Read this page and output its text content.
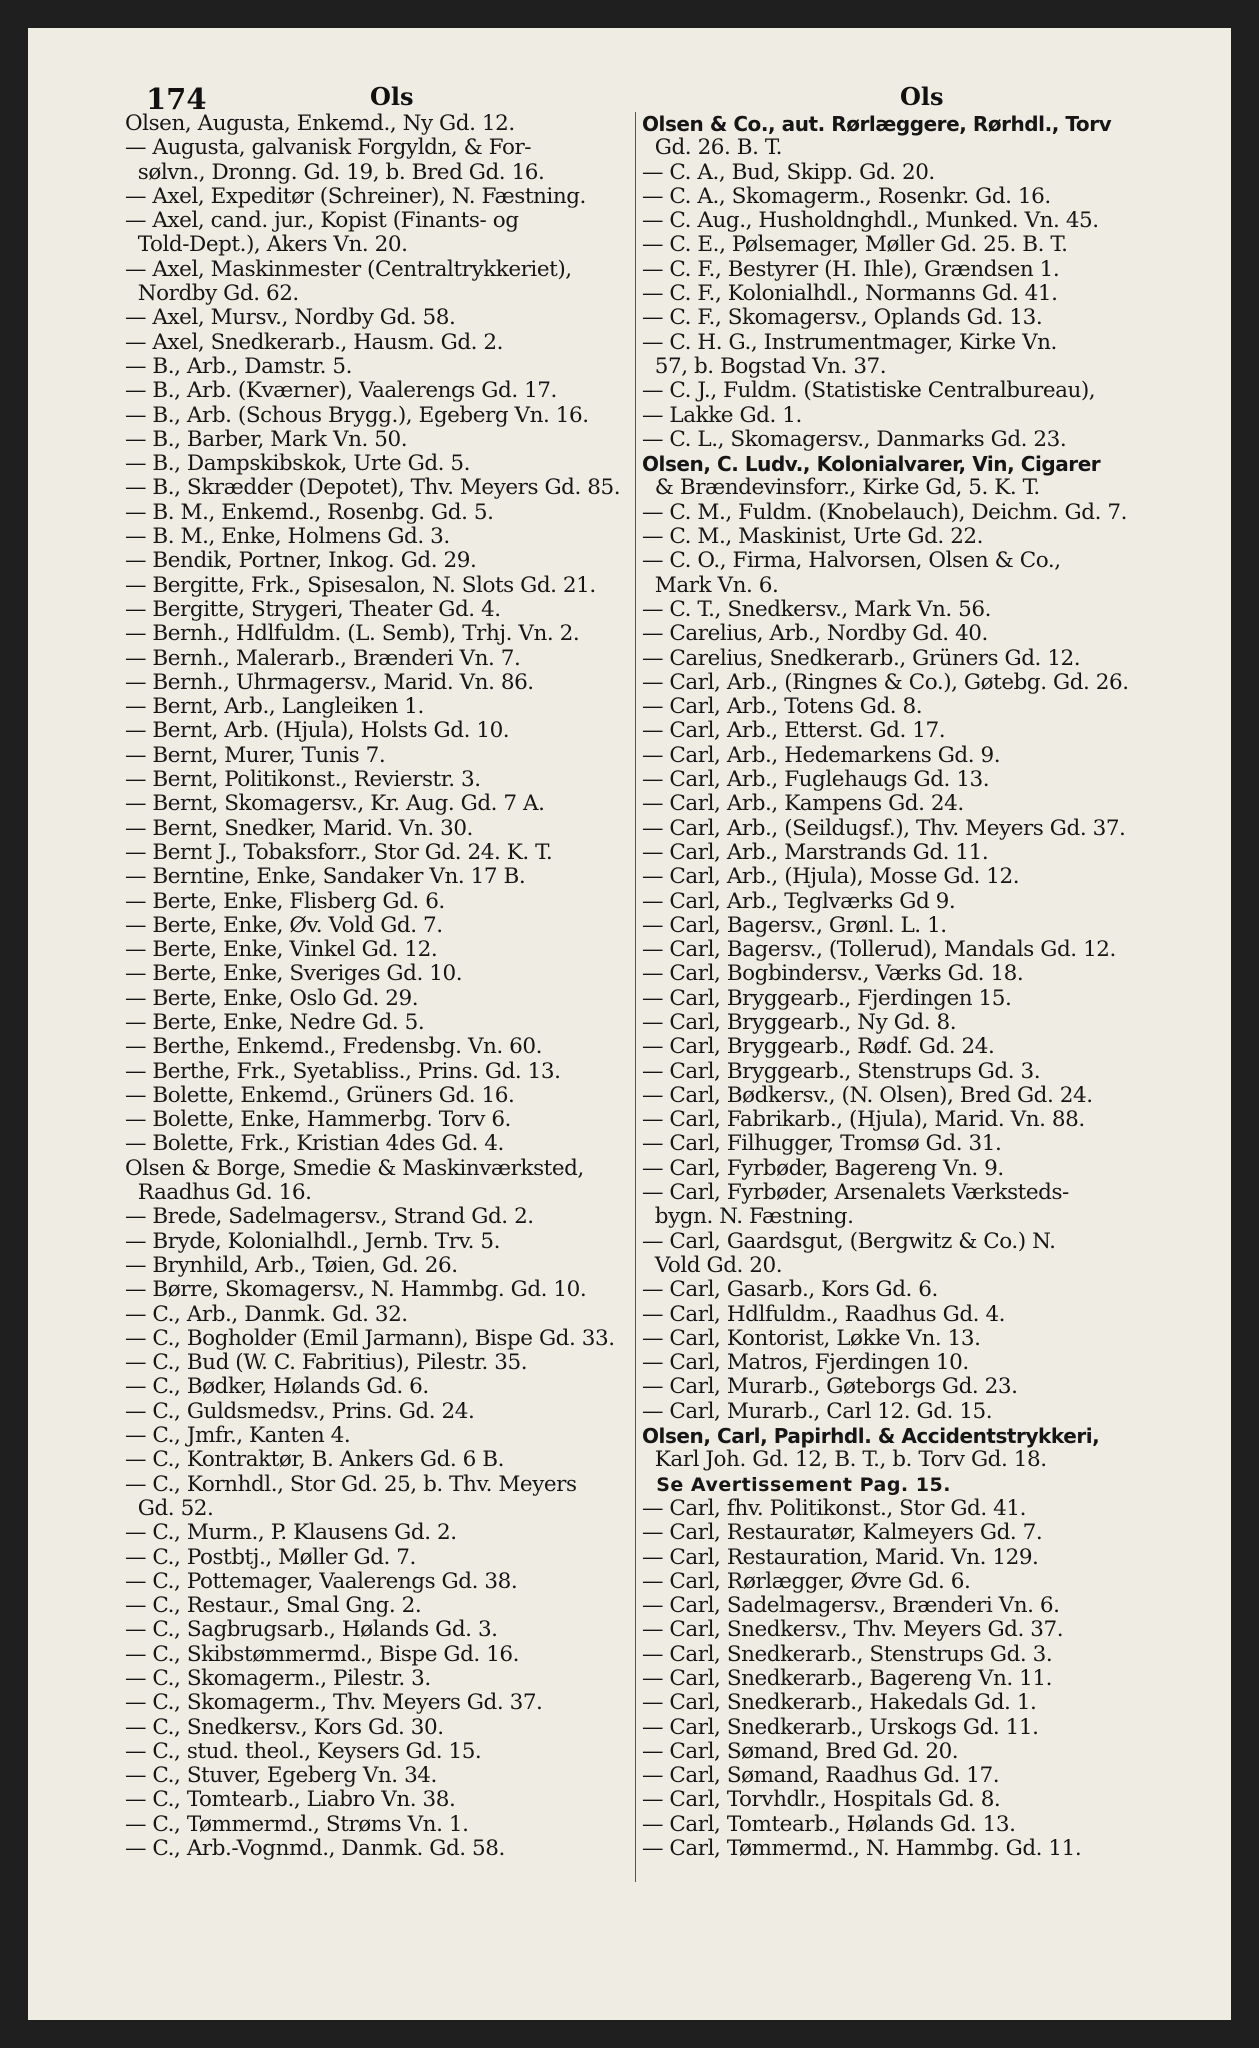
174	Ols	Ols
Olsen, Augusta, Enkemd., Ny Gd. 12.
— Augusta, galvanisk Forgyldn, & For-
sølvn., Dronng. Gd. 19, b. Bred Gd. 16.
— Axel, Expeditør (Schreiner), N. Fæstning.
— Axel, cand. jur., Kopist (Finants- og
Told-Dept.), Akers Vn. 20.
— Axel, Maskinmester (Centraltrykkeriet),
Nordby Gd. 62.
— Axel, Mursv., Nordby Gd. 58.
— Axel, Snedkerarb., Hausm. Gd. 2.
— B., Arb., Damstr. 5.
— B., Arb. (Kværner), Vaalerengs Gd. 17.
— B., Arb. (Schous Brygg.), Egeberg Vn. 16.
— B., Barber, Mark Vn. 50.
— B., Dampskibskok, Urte Gd. 5.
— B., Skrædder (Depotet), Thv. Meyers Gd. 85.
— B. M., Enkemd., Rosenbg. Gd. 5.
— B. M., Enke, Holmens Gd. 3.
— Bendik, Portner, Inkog. Gd. 29.
— Bergitte, Frk., Spisesalon, N. Slots Gd. 21.
— Bergitte, Strygeri, Theater Gd. 4.
— Bernh., Hdlfuldm. (L. Semb), Trhj. Vn. 2.
— Bernh., Malerarb., Brænderi Vn. 7.
— Bernh., Uhrmagersv., Marid. Vn. 86.
— Bernt, Arb., Langleiken 1.
— Bernt, Arb. (Hjula), Holsts Gd. 10.
— Bernt, Murer, Tunis 7.
— Bernt, Politikonst., Revierstr. 3.
— Bernt, Skomagersv., Kr. Aug. Gd. 7 A.
— Bernt, Snedker, Marid. Vn. 30.
— Bernt J., Tobaksforr., Stor Gd. 24. K. T.
— Berntine, Enke, Sandaker Vn. 17 B.
— Berte, Enke, Flisberg Gd. 6.
— Berte, Enke, Øv. Vold Gd. 7.
— Berte, Enke, Vinkel Gd. 12.
— Berte, Enke, Sveriges Gd. 10.
— Berte, Enke, Oslo Gd. 29.
— Berte, Enke, Nedre Gd. 5.
— Berthe, Enkemd., Fredensbg. Vn. 60.
— Berthe, Frk., Syetabliss., Prins. Gd. 13.
— Bolette, Enkemd., Grüners Gd. 16.
— Bolette, Enke, Hammerbg. Torv 6.
— Bolette, Frk., Kristian 4des Gd. 4.
Olsen & Borge, Smedie & Maskinværksted,
Raadhus Gd. 16.
— Brede, Sadelmagersv., Strand Gd. 2.
— Bryde, Kolonialhdl., Jernb. Trv. 5.
— Brynhild, Arb., Tøien, Gd. 26.
— Børre, Skomagersv., N. Hammbg. Gd. 10.
— C., Arb., Danmk. Gd. 32.
— C., Bogholder (Emil Jarmann), Bispe Gd. 33.
— C., Bud (W. C. Fabritius), Pilestr. 35.
— C., Bødker, Hølands Gd. 6.
— C., Guldsmedsv., Prins. Gd. 24.
— C., Jmfr., Kanten 4.
— C., Kontraktør, B. Ankers Gd. 6 B.
— C., Kornhdl., Stor Gd. 25, b. Thv. Meyers
Gd. 52.
— C., Murm., P. Klausens Gd. 2.
— C., Postbtj., Møller Gd. 7.
— C., Pottemager, Vaalerengs Gd. 38.
— C., Restaur., Smal Gng. 2.
— C., Sagbrugsarb., Hølands Gd. 3.
— C., Skibstømmermd., Bispe Gd. 16.
— C., Skomagerm., Pilestr. 3.
— C., Skomagerm., Thv. Meyers Gd. 37.
— C., Snedkersv., Kors Gd. 30.
— C., stud. theol., Keysers Gd. 15.
— C., Stuver, Egeberg Vn. 34.
— C., Tomtearb., Liabro Vn. 38.
— C., Tømmermd., Strøms Vn. 1.
— C., Arb.-Vognmd., Danmk. Gd. 58.
Olsen & Co., aut. Rørlæggere, Rørhdl., Torv
Gd. 26. B. T.
— C. A., Bud, Skipp. Gd. 20.
— C. A., Skomagerm., Rosenkr. Gd. 16.
— C. Aug., Husholdnghdl., Munked. Vn. 45.
— C. E., Pølsemager, Møller Gd. 25. B. T.
— C. F., Bestyrer (H. Ihle), Grændsen 1.
— C. F., Kolonialhdl., Normanns Gd. 41.
— C. F., Skomagersv., Oplands Gd. 13.
— C. H. G., Instrumentmager, Kirke Vn.
57, b. Bogstad Vn. 37.
— C. J., Fuldm. (Statistiske Centralbureau),
— Lakke Gd. 1.
— C. L., Skomagersv., Danmarks Gd. 23.
Olsen, C. Ludv., Kolonialvarer, Vin, Cigarer
& Brændevinsforr., Kirke Gd, 5. K. T.
— C. M., Fuldm. (Knobelauch), Deichm. Gd. 7.
— C. M., Maskinist, Urte Gd. 22.
— C. O., Firma, Halvorsen, Olsen & Co.,
Mark Vn. 6.
— C. T., Snedkersv., Mark Vn. 56.
— Carelius, Arb., Nordby Gd. 40.
— Carelius, Snedkerarb., Grüners Gd. 12.
— Carl, Arb., (Ringnes & Co.), Gøtebg. Gd. 26.
— Carl, Arb., Totens Gd. 8.
— Carl, Arb., Etterst. Gd. 17.
— Carl, Arb., Hedemarkens Gd. 9.
— Carl, Arb., Fuglehaugs Gd. 13.
— Carl, Arb., Kampens Gd. 24.
— Carl, Arb., (Seildugsf.), Thv. Meyers Gd. 37.
— Carl, Arb., Marstrands Gd. 11.
— Carl, Arb., (Hjula), Mosse Gd. 12.
— Carl, Arb., Teglværks Gd 9.
— Carl, Bagersv., Grønl. L. 1.
— Carl, Bagersv., (Tollerud), Mandals Gd. 12.
— Carl, Bogbindersv., Værks Gd. 18.
— Carl, Bryggearb., Fjerdingen 15.
— Carl, Bryggearb., Ny Gd. 8.
— Carl, Bryggearb., Rødf. Gd. 24.
— Carl, Bryggearb., Stenstrups Gd. 3.
— Carl, Bødkersv., (N. Olsen), Bred Gd. 24.
— Carl, Fabrikarb., (Hjula), Marid. Vn. 88.
— Carl, Filhugger, Tromsø Gd. 31.
— Carl, Fyrbøder, Bagereng Vn. 9.
— Carl, Fyrbøder, Arsenalets Værksteds-
bygn. N. Fæstning.
— Carl, Gaardsgut, (Bergwitz & Co.) N.
Vold Gd. 20.
— Carl, Gasarb., Kors Gd. 6.
— Carl, Hdlfuldm., Raadhus Gd. 4.
— Carl, Kontorist, Løkke Vn. 13.
— Carl, Matros, Fjerdingen 10.
— Carl, Murarb., Gøteborgs Gd. 23.
— Carl, Murarb., Carl 12. Gd. 15.
Olsen, Carl, Papirhdl. & Accidentstrykkeri,
Karl Joh. Gd. 12, B. T., b. Torv Gd. 18.
Se Avertissement Pag. 15.
— Carl, fhv. Politikonst., Stor Gd. 41.
— Carl, Restauratør, Kalmeyers Gd. 7.
— Carl, Restauration, Marid. Vn. 129.
— Carl, Rørlægger, Øvre Gd. 6.
— Carl, Sadelmagersv., Brænderi Vn. 6.
— Carl, Snedkersv., Thv. Meyers Gd. 37.
— Carl, Snedkerarb., Stenstrups Gd. 3.
— Carl, Snedkerarb., Bagereng Vn. 11.
— Carl, Snedkerarb., Hakedals Gd. 1.
— Carl, Snedkerarb., Urskogs Gd. 11.
— Carl, Sømand, Bred Gd. 20.
— Carl, Sømand, Raadhus Gd. 17.
— Carl, Torvhdlr., Hospitals Gd. 8.
— Carl, Tomtearb., Hølands Gd. 13.
— Carl, Tømmermd., N. Hammbg. Gd. 11.
